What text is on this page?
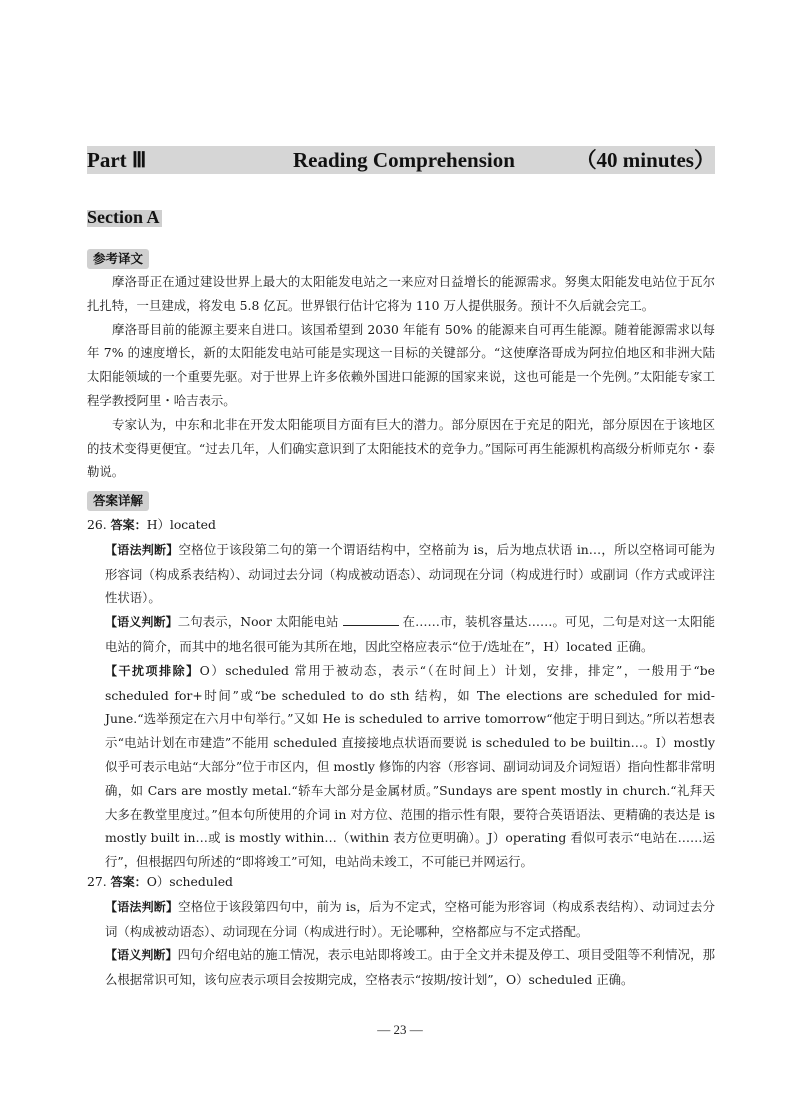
Part Ⅲ	Reading Comprehension	（40 minutes）
Section A
参考译文

摩洛哥正在通过建设世界上最大的太阳能发电站之一来应对日益增长的能源需求。努奥太阳能发电站位于瓦尔扎扎特，一旦建成，将发电 5.8 亿瓦。世界银行估计它将为 110 万人提供服务。预计不久后就会完工。

摩洛哥目前的能源主要来自进口。该国希望到 2030 年能有 50% 的能源来自可再生能源。随着能源需求以每年 7% 的速度增长，新的太阳能发电站可能是实现这一目标的关键部分。“这使摩洛哥成为阿拉伯地区和非洲大陆太阳能领域的一个重要先驱。对于世界上许多依赖外国进口能源的国家来说，这也可能是一个先例。”太阳能专家工程学教授阿里・哈吉表示。

专家认为，中东和北非在开发太阳能项目方面有巨大的潜力。部分原因在于充足的阳光，部分原因在于该地区的技术变得更便宜。“过去几年，人们确实意识到了太阳能技术的竞争力。”国际可再生能源机构高级分析师克尔・泰勒说。

答案详解

26. 答案：H）located

【语法判断】空格位于该段第二句的第一个谓语结构中，空格前为 is，后为地点状语 in…，所以空格词可能为形容词（构成系表结构）、动词过去分词（构成被动语态）、动词现在分词（构成进行时）或副词（作方式或评注性状语）。

【语义判断】二句表示，Noor 太阳能电站	在……市，装机容量达……。可见，二句是对这一太阳能电站的简介，而其中的地名很可能为其所在地，因此空格应表示“位于/选址在”，H）located 正确。

【干扰项排除】O）scheduled 常用于被动态，表示“（在时间上）计划，安排，排定”，一般用于“be scheduled for+时间”或“be scheduled to do sth 结构，如 The elections are scheduled for mid-June.“选举预定在六月中旬举行。”又如 He is scheduled to arrive tomorrow“他定于明日到达。”所以若想表示“电站计划在市建造”不能用 scheduled 直接接地点状语而要说 is scheduled to be builtin…。I）mostly 似乎可表示电站“大部分”位于市区内，但 mostly 修饰的内容（形容词、副词动词及介词短语）指向性都非常明确，如 Cars are mostly metal.“轿车大部分是金属材质。”Sundays are spent mostly in church.“礼拜天大多在教堂里度过。”但本句所使用的介词 in 对方位、范围的指示性有限，要符合英语语法、更精确的表达是 is mostly built in…或 is mostly within…（within 表方位更明确）。J）operating 看似可表示“电站在……运行”，但根据四句所述的“即将竣工”可知，电站尚未竣工，不可能已并网运行。

27. 答案：O）scheduled

【语法判断】空格位于该段第四句中，前为 is，后为不定式，空格可能为形容词（构成系表结构）、动词过去分词（构成被动语态）、动词现在分词（构成进行时）。无论哪种，空格都应与不定式搭配。

【语义判断】四句介绍电站的施工情况，表示电站即将竣工。由于全文并未提及停工、项目受阻等不利情况，那么根据常识可知，该句应表示项目会按期完成，空格表示“按期/按计划”，O）scheduled 正确。

— 23 —
